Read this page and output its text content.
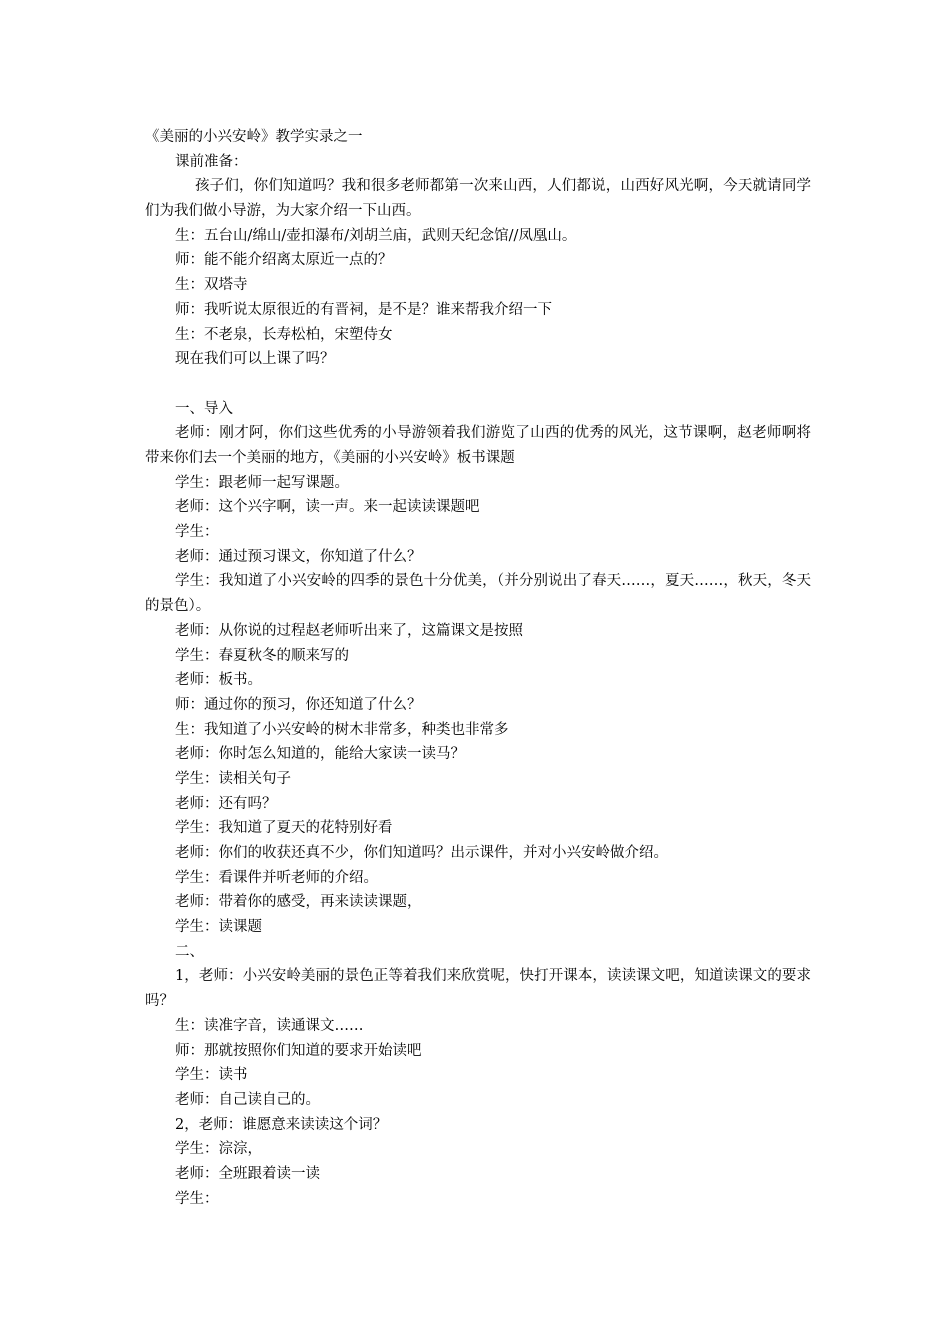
《美丽的小兴安岭》教学实录之一

课前准备：

孩子们，你们知道吗？我和很多老师都第一次来山西，人们都说，山西好风光啊，今天就请同学们为我们做小导游，为大家介绍一下山西。

生：五台山/绵山/壶扣瀑布/刘胡兰庙，武则天纪念馆//凤凰山。

师：能不能介绍离太原近一点的？

生：双塔寺

师：我听说太原很近的有晋祠，是不是？谁来帮我介绍一下

生：不老泉，长寿松柏，宋塑侍女

现在我们可以上课了吗？

一、导入

老师：刚才阿，你们这些优秀的小导游领着我们游览了山西的优秀的风光，这节课啊，赵老师啊将带来你们去一个美丽的地方，《美丽的小兴安岭》板书课题

学生：跟老师一起写课题。

老师：这个兴字啊，读一声。来一起读读课题吧

学生：

老师：通过预习课文，你知道了什么？

学生：我知道了小兴安岭的四季的景色十分优美，（并分别说出了春天……，夏天……，秋天，冬天的景色）。

老师：从你说的过程赵老师听出来了，这篇课文是按照

学生：春夏秋冬的顺来写的

老师：板书。

师：通过你的预习，你还知道了什么？

生：我知道了小兴安岭的树木非常多，种类也非常多

老师：你时怎么知道的，能给大家读一读马？

学生：读相关句子

老师：还有吗？

学生：我知道了夏天的花特别好看

老师：你们的收获还真不少，你们知道吗？出示课件，并对小兴安岭做介绍。

学生：看课件并听老师的介绍。

老师：带着你的感受，再来读读课题，

学生：读课题

二、

1，老师：小兴安岭美丽的景色正等着我们来欣赏呢，快打开课本，读读课文吧，知道读课文的要求吗？

生：读准字音，读通课文……

师：那就按照你们知道的要求开始读吧

学生：读书

老师：自己读自己的。

2，老师：谁愿意来读读这个词？

学生：淙淙，

老师：全班跟着读一读

学生：
